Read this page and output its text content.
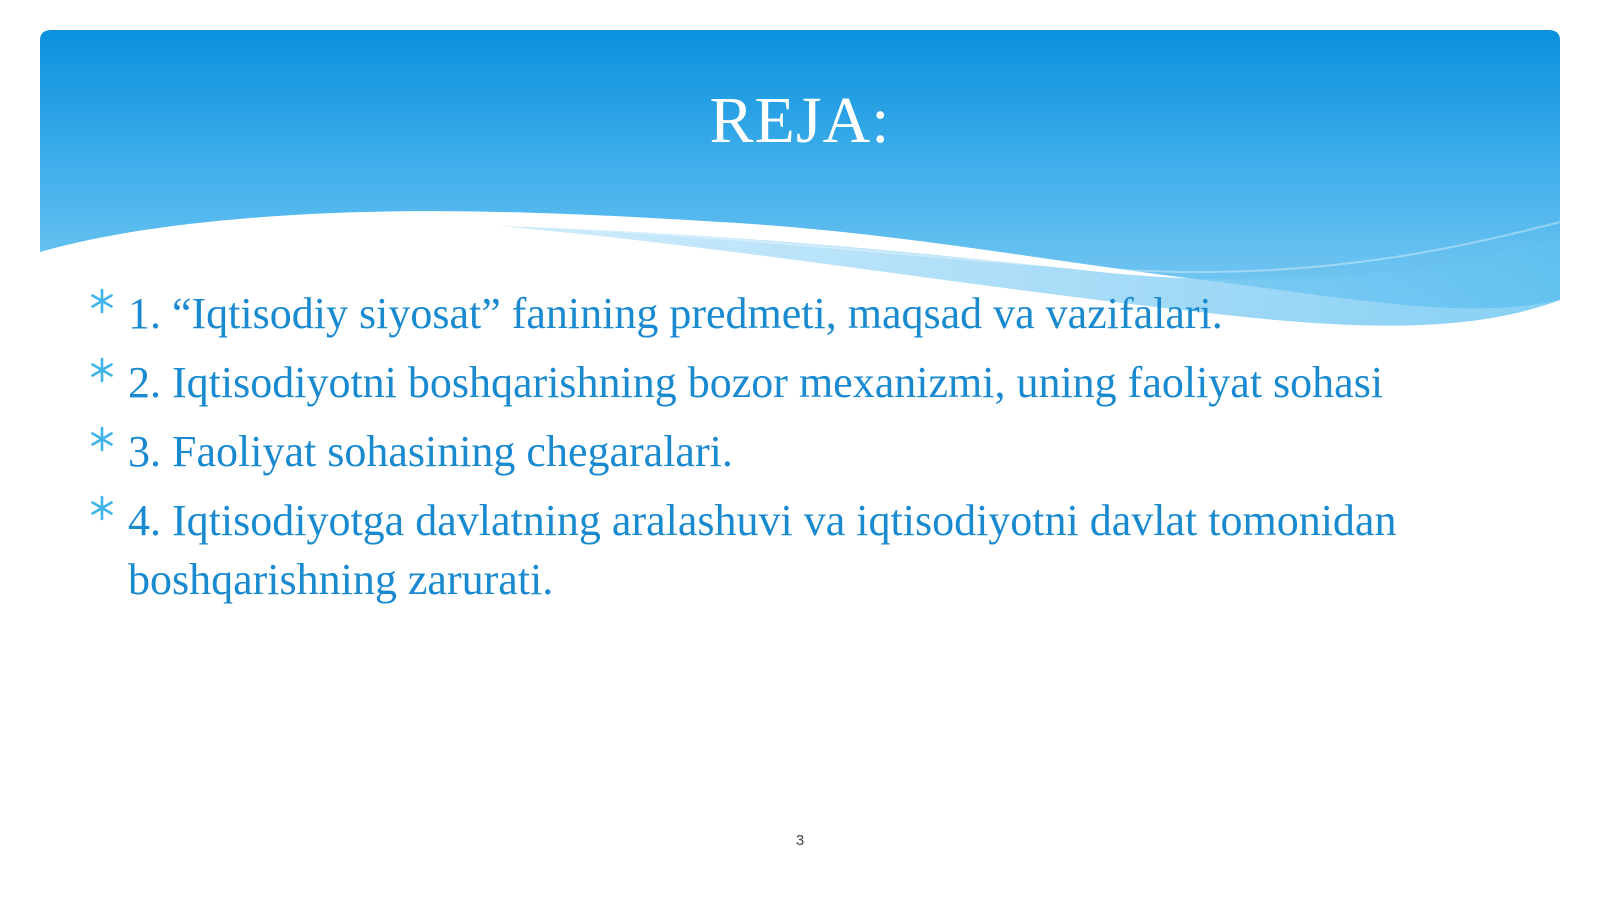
REJA:
1. “Iqtisodiy siyosat” fanining predmeti, maqsad va vazifalari.
2. Iqtisodiyotni boshqarishning bozor mexanizmi, uning faoliyat sohasi
3. Faoliyat sohasining chegaralari.
4. Iqtisodiyotga davlatning aralashuvi va iqtisodiyotni davlat tomonidan boshqarishning zarurati.
3
